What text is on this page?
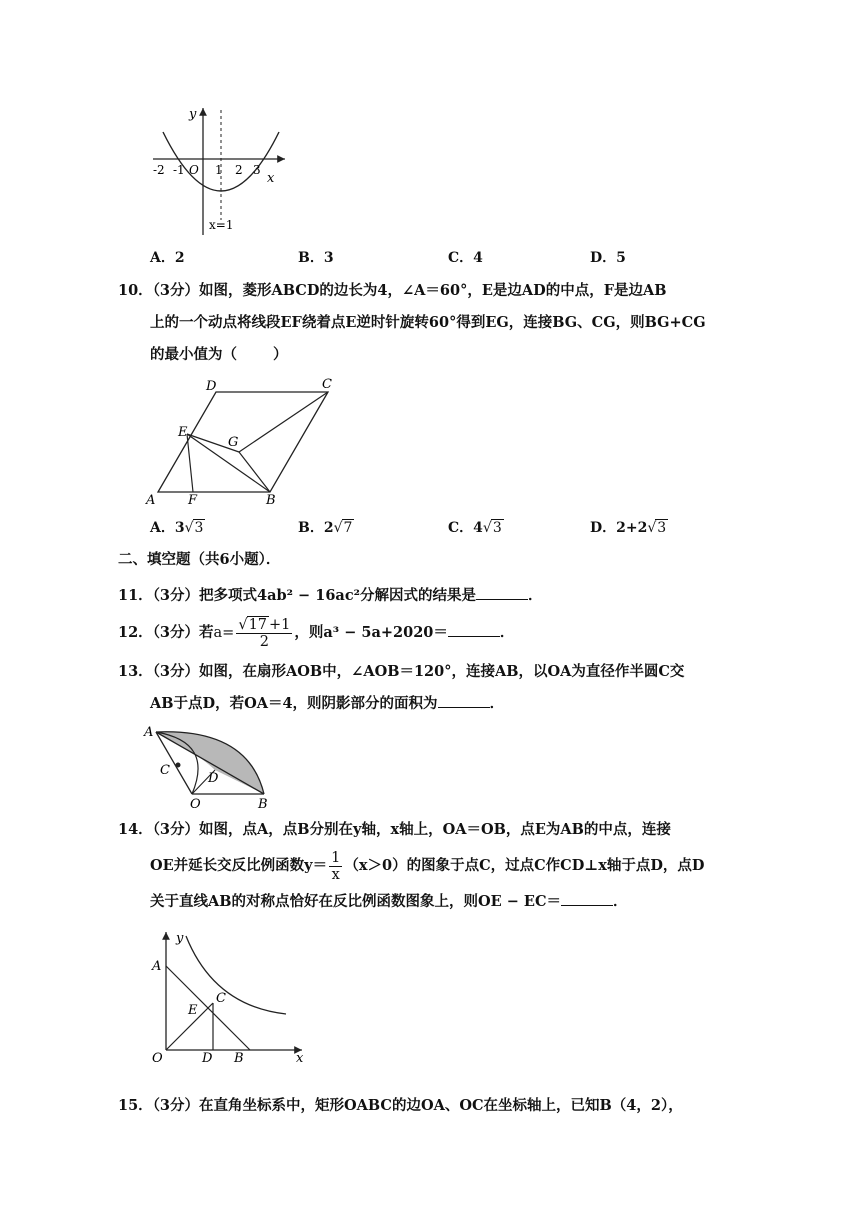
y
x
O
-2 -1	1 2 3
x=1
A．2	B．3	C．4	D．5
10．（3分）如图，菱形ABCD的边长为4，∠A＝60°，E是边AD的中点，F是边AB
上的一个动点将线段EF绕着点E逆时针旋转60°得到EG，连接BG、CG，则BG+CG
的最小值为（ ）
A	F	B
C
D
E
G
A．3√3	B．2√7	C．4√3	D．2+2√3
二、填空题（共6小题）．
11．（3分）把多项式4ab² − 16ac²分解因式的结果是	．
12．（3分）若$a= \frac{√17 +1}{2}$ ，则a³ − 5a+2020＝	．
13．（3分）如图，在扇形AOB中，∠AOB＝120°，连接AB，以OA为直径作半圆C交
AB于点D，若OA＝4，则阴影部分的面积为	．
A
C
D
O	B
14．（3分）如图，点A，点B分别在y轴，x轴上，OA＝OB，点E为AB的中点，连接
OE并延长交反比例函数$y= \frac{1}{x} (x>0)$的图象于点C，过点C作CD⊥x轴于点D，点D
关于直线AB的对称点恰好在反比例函数图象上，则OE − EC＝	．
y
x
A
E
C
O	D B
15．（3分）在直角坐标系中，矩形OABC的边OA、OC在坐标轴上，已知B（4，2），
